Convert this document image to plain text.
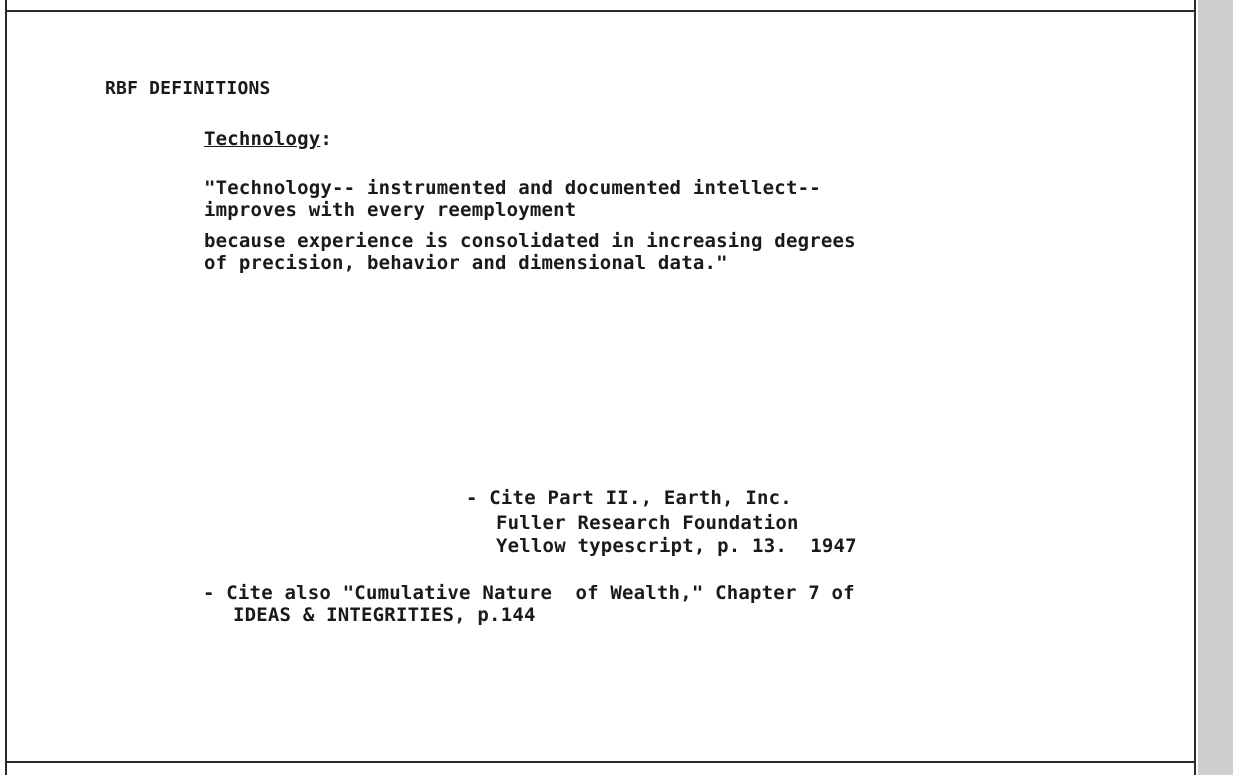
RBF DEFINITIONS
Technology:
"Technology-- instrumented and documented intellect--
improves with every reemployment
because experience is consolidated in increasing degrees
of precision, behavior and dimensional data."
- Cite Part II., Earth, Inc.
Fuller Research Foundation
Yellow typescript, p. 13.  1947
- Cite also "Cumulative Nature  of Wealth," Chapter 7 of
IDEAS & INTEGRITIES, p.144
